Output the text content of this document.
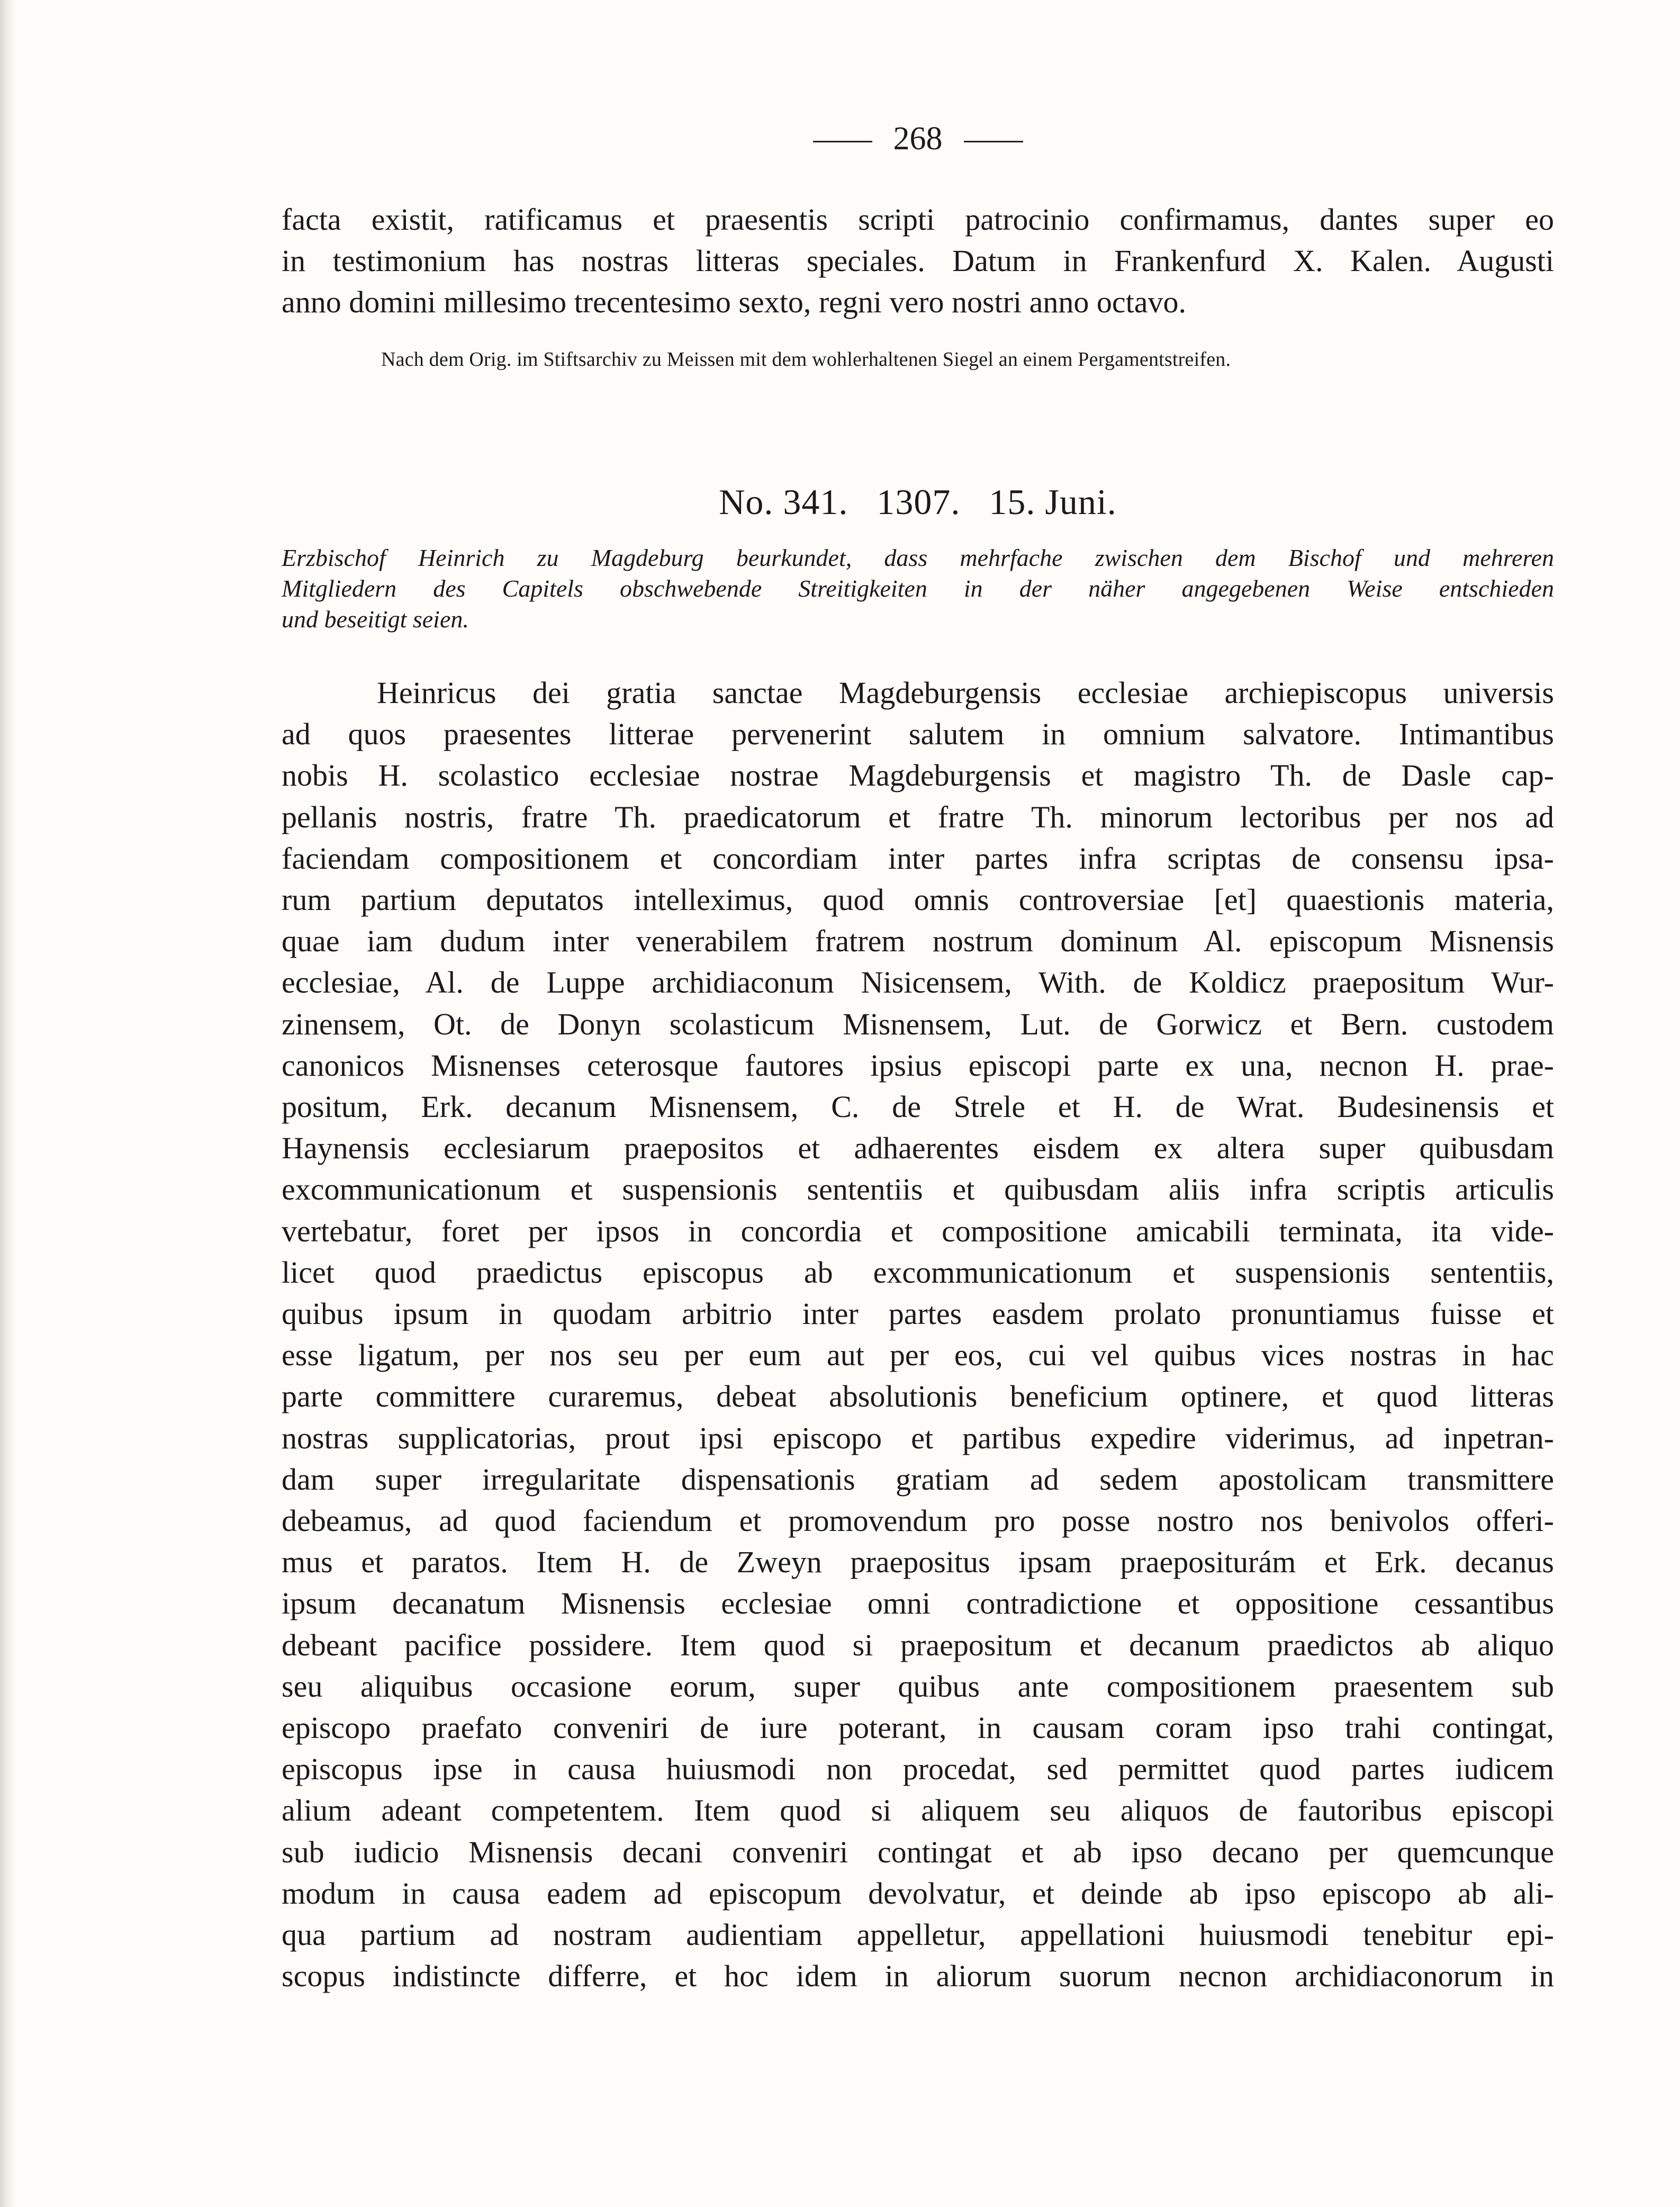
268
facta existit, ratificamus et praesentis scripti patrocinio confirmamus, dantes super eo
in testimonium has nostras litteras speciales. Datum in Frankenfurd X. Kalen. Augusti
anno domini millesimo trecentesimo sexto, regni vero nostri anno octavo.
Nach dem Orig. im Stiftsarchiv zu Meissen mit dem wohlerhaltenen Siegel an einem Pergamentstreifen.
No. 341.   1307.   15. Juni.
Erzbischof Heinrich zu Magdeburg beurkundet, dass mehrfache zwischen dem Bischof und mehreren
Mitgliedern des Capitels obschwebende Streitigkeiten in der näher angegebenen Weise entschieden
und beseitigt seien.
Heinricus dei gratia sanctae Magdeburgensis ecclesiae archiepiscopus universis
ad quos praesentes litterae pervenerint salutem in omnium salvatore. Intimantibus
nobis H. scolastico ecclesiae nostrae Magdeburgensis et magistro Th. de Dasle cap-
pellanis nostris, fratre Th. praedicatorum et fratre Th. minorum lectoribus per nos ad
faciendam compositionem et concordiam inter partes infra scriptas de consensu ipsa-
rum partium deputatos intelleximus, quod omnis controversiae [et] quaestionis materia,
quae iam dudum inter venerabilem fratrem nostrum dominum Al. episcopum Misnensis
ecclesiae, Al. de Luppe archidiaconum Nisicensem, With. de Koldicz praepositum Wur-
zinensem, Ot. de Donyn scolasticum Misnensem, Lut. de Gorwicz et Bern. custodem
canonicos Misnenses ceterosque fautores ipsius episcopi parte ex una, necnon H. prae-
positum, Erk. decanum Misnensem, C. de Strele et H. de Wrat. Budesinensis et
Haynensis ecclesiarum praepositos et adhaerentes eisdem ex altera super quibusdam
excommunicationum et suspensionis sententiis et quibusdam aliis infra scriptis articulis
vertebatur, foret per ipsos in concordia et compositione amicabili terminata, ita vide-
licet quod praedictus episcopus ab excommunicationum et suspensionis sententiis,
quibus ipsum in quodam arbitrio inter partes easdem prolato pronuntiamus fuisse et
esse ligatum, per nos seu per eum aut per eos, cui vel quibus vices nostras in hac
parte committere curaremus, debeat absolutionis beneficium optinere, et quod litteras
nostras supplicatorias, prout ipsi episcopo et partibus expedire viderimus, ad inpetran-
dam super irregularitate dispensationis gratiam ad sedem apostolicam transmittere
debeamus, ad quod faciendum et promovendum pro posse nostro nos benivolos offeri-
mus et paratos. Item H. de Zweyn praepositus ipsam praepositurám et Erk. decanus
ipsum decanatum Misnensis ecclesiae omni contradictione et oppositione cessantibus
debeant pacifice possidere. Item quod si praepositum et decanum praedictos ab aliquo
seu aliquibus occasione eorum, super quibus ante compositionem praesentem sub
episcopo praefato conveniri de iure poterant, in causam coram ipso trahi contingat,
episcopus ipse in causa huiusmodi non procedat, sed permittet quod partes iudicem
alium adeant competentem. Item quod si aliquem seu aliquos de fautoribus episcopi
sub iudicio Misnensis decani conveniri contingat et ab ipso decano per quemcunque
modum in causa eadem ad episcopum devolvatur, et deinde ab ipso episcopo ab ali-
qua partium ad nostram audientiam appelletur, appellationi huiusmodi tenebitur epi-
scopus indistincte differre, et hoc idem in aliorum suorum necnon archidiaconorum in
